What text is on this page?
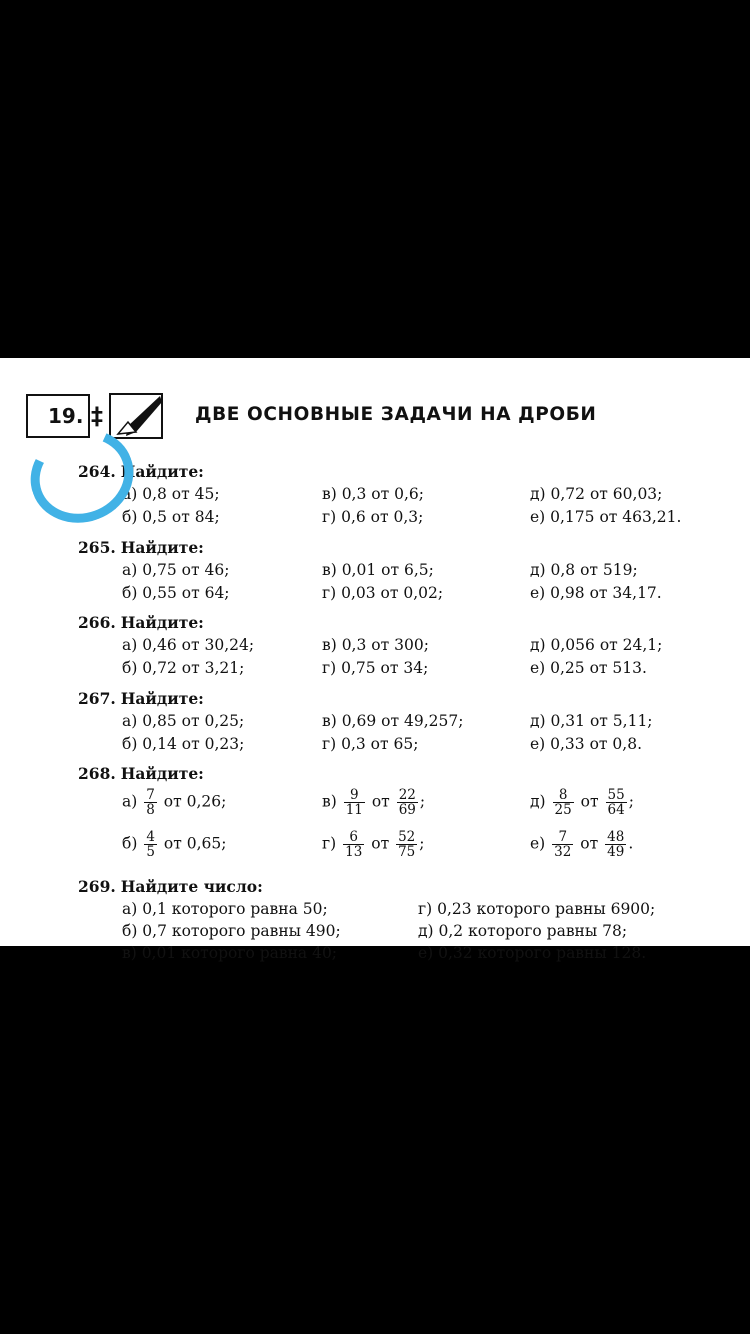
19. ‡	ДВЕ ОСНОВНЫЕ ЗАДАЧИ НА ДРОБИ
264. Найдите:
а) 0,8 от 45;	в) 0,3 от 0,6;	д) 0,72 от 60,03;
б) 0,5 от 84;	г) 0,6 от 0,3;	е) 0,175 от 463,21.
265. Найдите:
а) 0,75 от 46;	в) 0,01 от 6,5;	д) 0,8 от 519;
б) 0,55 от 64;	г) 0,03 от 0,02;	е) 0,98 от 34,17.
266. Найдите:
а) 0,46 от 30,24;	в) 0,3 от 300;	д) 0,056 от 24,1;
б) 0,72 от 3,21;	г) 0,75 от 34;	е) 0,25 от 513.
267. Найдите:
а) 0,85 от 0,25;	в) 0,69 от 49,257;	д) 0,31 от 5,11;
б) 0,14 от 0,23;	г) 0,3 от 65;	е) 0,33 от 0,8.
268. Найдите:
$а) \frac{7}{8}$ от 0,26;	$в) \frac{9}{11}$ от $\frac{22}{69}$ ;	$д) \frac{8}{25}$ от $\frac{55}{64}$ ;
$б) \frac{4}{5}$ от 0,65;	$г) \frac{6}{13}$ от $\frac{52}{75}$ ;	$е) \frac{7}{32}$ от $\frac{48}{49}$ .
269. Найдите число:
а) 0,1 которого равна 50;	г) 0,23 которого равны 6900;
б) 0,7 которого равны 490;	д) 0,2 которого равны 78;
в) 0,01 которого равна 40;	е) 0,32 которого равны 128.
